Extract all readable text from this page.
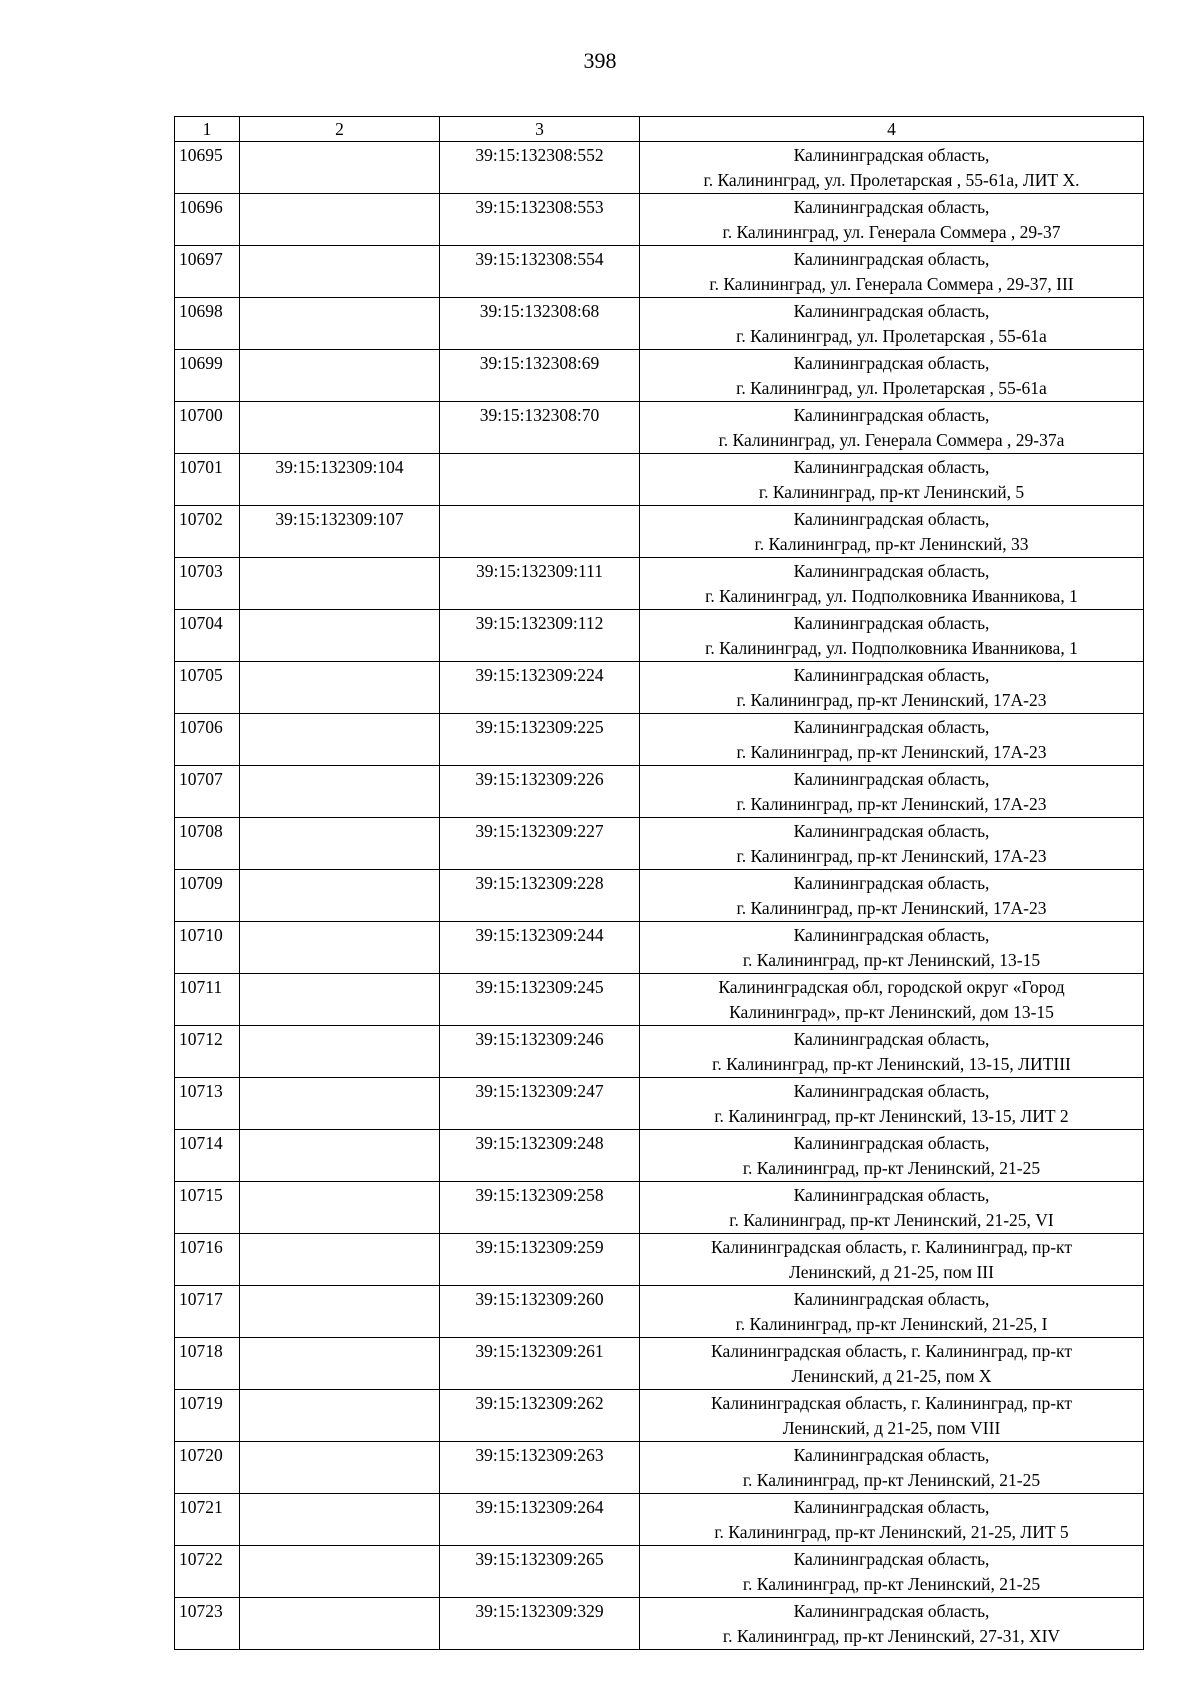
398
1	2	3	4
10695		39:15:132308:552	Калининградская область,
г. Калининград, ул. Пролетарская , 55-61а, ЛИТ X.

10696		39:15:132308:553	Калининградская область,
г. Калининград, ул. Генерала Соммера , 29-37

10697		39:15:132308:554	Калининградская область,
г. Калининград, ул. Генерала Соммера , 29-37, III

10698		39:15:132308:68	Калининградская область,
г. Калининград, ул. Пролетарская , 55-61а

10699		39:15:132308:69	Калининградская область,
г. Калининград, ул. Пролетарская , 55-61а

10700		39:15:132308:70	Калининградская область,
г. Калининград, ул. Генерала Соммера , 29-37а

10701	39:15:132309:104		Калининградская область,
г. Калининград, пр-кт Ленинский, 5

10702	39:15:132309:107		Калининградская область,
г. Калининград, пр-кт Ленинский, 33

10703		39:15:132309:111	Калининградская область,
г. Калининград, ул. Подполковника Иванникова, 1

10704		39:15:132309:112	Калининградская область,
г. Калининград, ул. Подполковника Иванникова, 1

10705		39:15:132309:224	Калининградская область,
г. Калининград, пр-кт Ленинский, 17А-23

10706		39:15:132309:225	Калининградская область,
г. Калининград, пр-кт Ленинский, 17А-23

10707		39:15:132309:226	Калининградская область,
г. Калининград, пр-кт Ленинский, 17А-23

10708		39:15:132309:227	Калининградская область,
г. Калининград, пр-кт Ленинский, 17А-23

10709		39:15:132309:228	Калининградская область,
г. Калининград, пр-кт Ленинский, 17А-23

10710		39:15:132309:244	Калининградская область,
г. Калининград, пр-кт Ленинский, 13-15

10711		39:15:132309:245	Калининградская обл, городской округ «Город
Калининград», пр-кт Ленинский, дом 13-15

10712		39:15:132309:246	Калининградская область,
г. Калининград, пр-кт Ленинский, 13-15, ЛИТIII

10713		39:15:132309:247	Калининградская область,
г. Калининград, пр-кт Ленинский, 13-15, ЛИТ 2

10714		39:15:132309:248	Калининградская область,
г. Калининград, пр-кт Ленинский, 21-25

10715		39:15:132309:258	Калининградская область,
г. Калининград, пр-кт Ленинский, 21-25, VI

10716		39:15:132309:259	Калининградская область, г. Калининград, пр-кт
Ленинский, д 21-25, пом III

10717		39:15:132309:260	Калининградская область,
г. Калининград, пр-кт Ленинский, 21-25, I

10718		39:15:132309:261	Калининградская область, г. Калининград, пр-кт
Ленинский, д 21-25, пом X

10719		39:15:132309:262	Калининградская область, г. Калининград, пр-кт
Ленинский, д 21-25, пом VIII

10720		39:15:132309:263	Калининградская область,
г. Калининград, пр-кт Ленинский, 21-25

10721		39:15:132309:264	Калининградская область,
г. Калининград, пр-кт Ленинский, 21-25, ЛИТ 5

10722		39:15:132309:265	Калининградская область,
г. Калининград, пр-кт Ленинский, 21-25

10723		39:15:132309:329	Калининградская область,
г. Калининград, пр-кт Ленинский, 27-31, XIV
